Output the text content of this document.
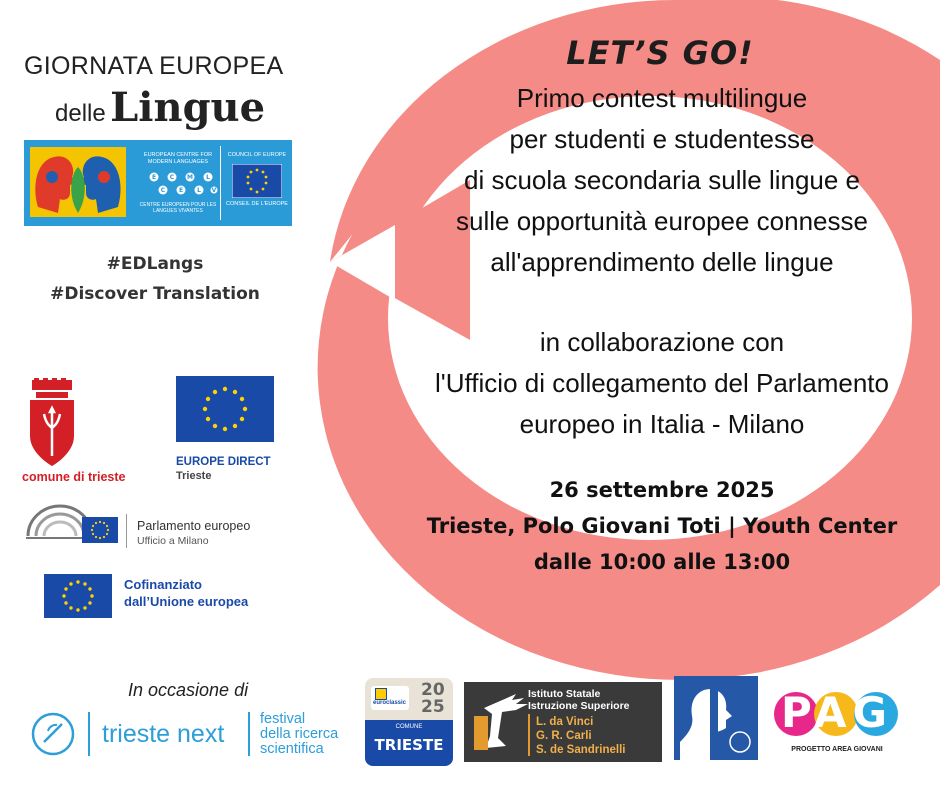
GIORNATA EUROPEA
delle Lingue
EUROPEAN CENTRE FOR MODERN LANGUAGES
E C M L
C E L V
CENTRE EUROPEEN POUR LES LANGUES VIVANTES
COUNCIL OF EUROPE
CONSEIL DE L'EUROPE
#EDLangs
#Discover Translation
comune di trieste
EUROPE DIRECT
Trieste
Parlamento europeo
Ufficio a Milano
Cofinanziato
dall’Unione europea
LET’S GO!
Primo contest multilingue
per studenti e studentesse
di scuola secondaria sulle lingue e
sulle opportunità europee connesse
all'apprendimento delle lingue
in collaborazione con
l'Ufficio di collegamento del Parlamento
europeo in Italia - Milano
26 settembre 2025
Trieste, Polo Giovani Toti | Youth Center
dalle 10:00 alle 13:00
In occasione di
trieste next
festival
della ricerca
scientifica
euroclassic
20
25
COMUNE
TRIESTE
Istituto Statale
Istruzione Superiore
L. da Vinci
G. R. Carli
S. de Sandrinelli
PAG
PROGETTO AREA GIOVANI
